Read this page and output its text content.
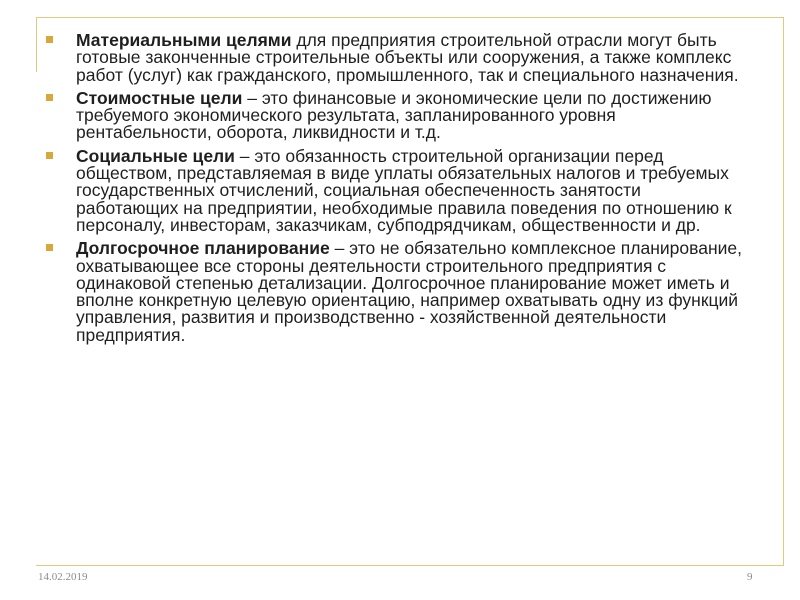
Материальными целями для предприятия строительной отрасли могут быть готовые законченные строительные объекты или сооружения, а также комплекс работ (услуг) как гражданского, промышленного, так и специального назначения.
Стоимостные цели – это финансовые и экономические цели по достижению требуемого экономического результата, запланированного уровня рентабельности, оборота, ликвидности и т.д.
Социальные цели – это обязанность строительной организации перед обществом, представляемая в виде уплаты обязательных налогов и требуемых государственных отчислений, социальная обеспеченность занятости работающих на предприятии, необходимые правила поведения по отношению к персоналу, инвесторам, заказчикам, субподрядчикам, общественности и др.
Долгосрочное планирование – это не обязательно комплексное планирование, охватывающее все стороны деятельности строительного предприятия с одинаковой степенью детализации. Долгосрочное планирование может иметь и вполне конкретную целевую ориентацию, например охватывать одну из функций управления, развития и производственно - хозяйственной деятельности предприятия.
14.02.2019	9
